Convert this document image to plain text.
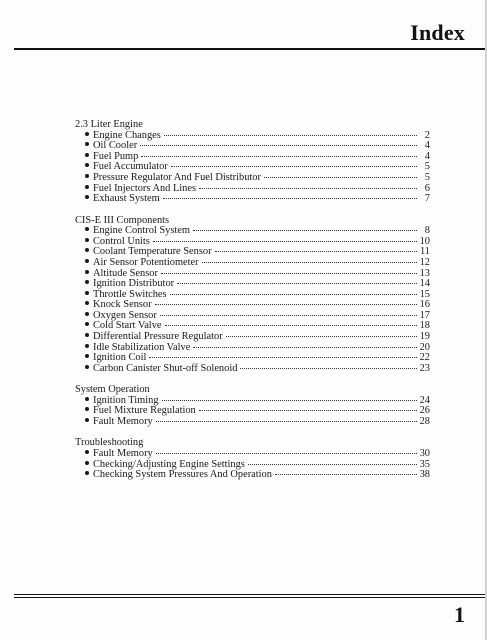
Index
2.3 Liter Engine
Engine Changes	2
Oil Cooler	4
Fuel Pump	4
Fuel Accumulator	5
Pressure Regulator And Fuel Distributor	5
Fuel Injectors And Lines	6
Exhaust System	7
CIS-E III Components
Engine Control System	8
Control Units	10
Coolant Temperature Sensor	11
Air Sensor Potentiometer	12
Altitude Sensor	13
Ignition Distributor	14
Throttle Switches	15
Knock Sensor	16
Oxygen Sensor	17
Cold Start Valve	18
Differential Pressure Regulator	19
Idle Stabilization Valve	20
Ignition Coil	22
Carbon Canister Shut-off Solenoid	23
System Operation
Ignition Timing	24
Fuel Mixture Regulation	26
Fault Memory	28
Troubleshooting
Fault Memory	30
Checking/Adjusting Engine Settings	35
Checking System Pressures And Operation	38
1
